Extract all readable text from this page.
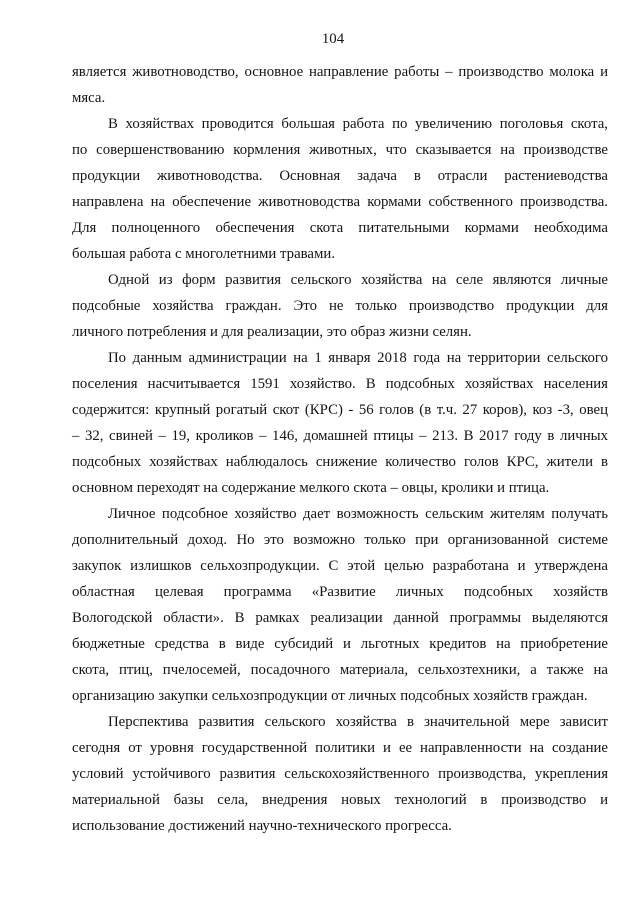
104
является животноводство, основное направление работы – производство молока и
мяса.
В хозяйствах проводится большая работа по увеличению поголовья скота,
по совершенствованию кормления животных, что сказывается на производстве
продукции животноводства. Основная задача в отрасли растениеводства
направлена на обеспечение животноводства кормами собственного производства.
Для полноценного обеспечения скота питательными кормами необходима
большая работа с многолетними травами.
Одной из форм развития сельского хозяйства на селе являются личные
подсобные хозяйства граждан. Это не только производство продукции для
личного потребления и для реализации, это образ жизни селян.
По данным администрации на 1 января 2018 года на территории сельского
поселения насчитывается 1591 хозяйство. В подсобных хозяйствах населения
содержится: крупный рогатый скот (КРС) - 56 голов (в т.ч. 27 коров), коз -3, овец
– 32, свиней – 19, кроликов – 146, домашней птицы – 213. В 2017 году в личных
подсобных хозяйствах наблюдалось снижение количество голов КРС, жители в
основном переходят на содержание мелкого скота – овцы, кролики и птица.
Личное подсобное хозяйство дает возможность сельским жителям получать
дополнительный доход. Но это возможно только при организованной системе
закупок излишков сельхозпродукции. С этой целью разработана и утверждена
областная целевая программа «Развитие личных подсобных хозяйств
Вологодской области». В рамках реализации данной программы выделяются
бюджетные средства в виде субсидий и льготных кредитов на приобретение
скота, птиц, пчелосемей, посадочного материала, сельхозтехники, а также на
организацию закупки сельхозпродукции от личных подсобных хозяйств граждан.
Перспектива развития сельского хозяйства в значительной мере зависит
сегодня от уровня государственной политики и ее направленности на создание
условий устойчивого развития сельскохозяйственного производства, укрепления
материальной базы села, внедрения новых технологий в производство и
использование достижений научно-технического прогресса.
